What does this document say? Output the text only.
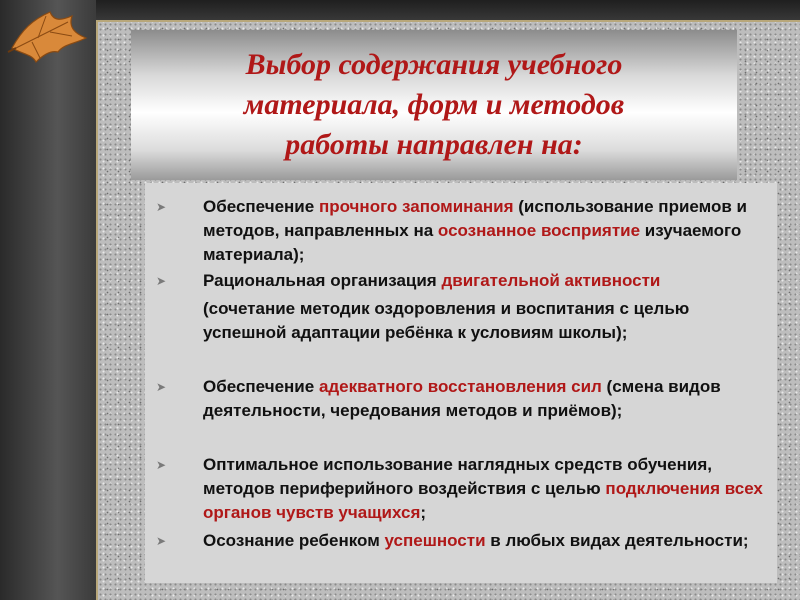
Выбор содержания учебного
материала, форм и методов
работы направлен на:

➤	Обеспечение прочного запоминания (использование приемов и методов, направленных на осознанное восприятие изучаемого материала);
➤	Рациональная организация двигательной активности
(сочетание методик оздоровления и воспитания с целью успешной адаптации ребёнка к условиям школы);
➤	Обеспечение адекватного восстановления сил (смена видов деятельности, чередования методов и приёмов);
➤	Оптимальное использование наглядных средств обучения, методов периферийного воздействия с целью подключения всех органов чувств учащихся;
➤	Осознание ребенком успешности в любых видах деятельности;
